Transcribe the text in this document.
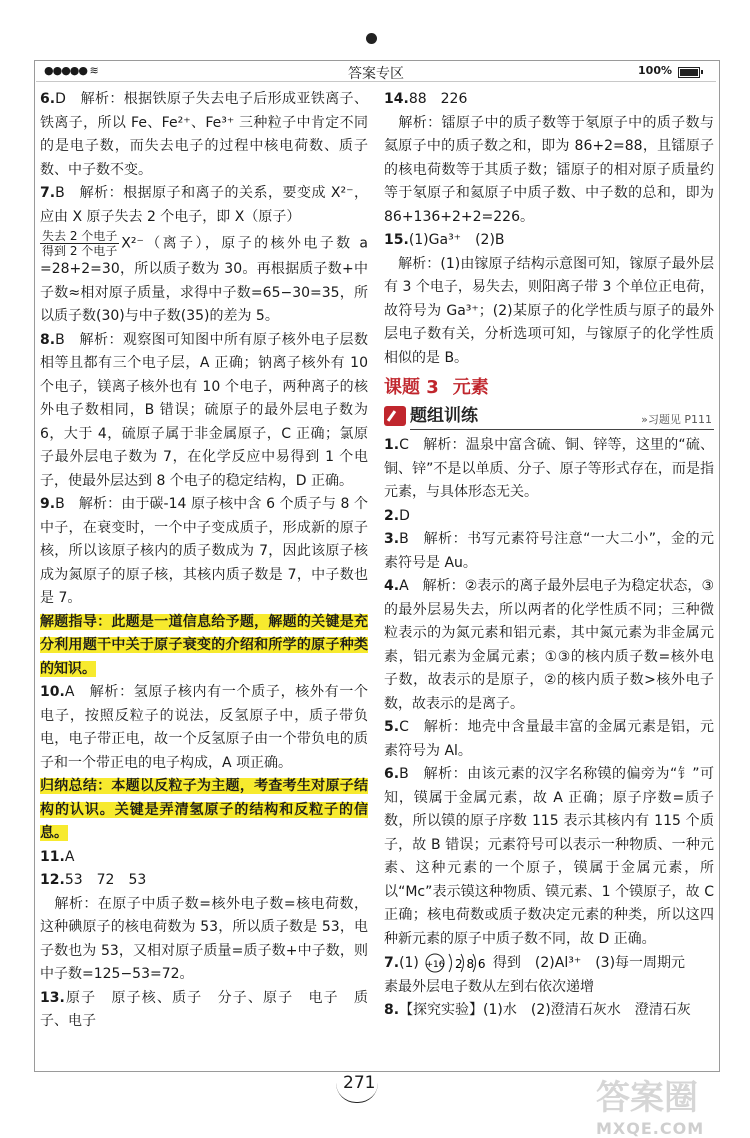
●●●●● ≋	答案专区	100%

6.D　解析：根据铁原子失去电子后形成亚铁离子、铁离子，所以 Fe、Fe²⁺、Fe³⁺ 三种粒子中肯定不同的是电子数，而失去电子的过程中核电荷数、质子数、中子数不变。

7.B　解析：根据原子和离子的关系，要变成 X²⁻，应由 X 原子失去 2 个电子，即 X（原子）

$\frac{\text{失去 2 个电子}}{\text{得到 2 个电子}} X^{2-}$（离子），原子的核外电子数 a =28+2=30，所以质子数为 30。再根据质子数+中子数≈相对原子质量，求得中子数=65−30=35，所以质子数(30)与中子数(35)的差为 5。

8.B　解析：观察图可知图中所有原子核外电子层数相等且都有三个电子层，A 正确；钠离子核外有 10 个电子，镁离子核外也有 10 个电子，两种离子的核外电子数相同，B 错误；硫原子的最外层电子数为 6，大于 4，硫原子属于非金属原子，C 正确；氯原子最外层电子数为 7，在化学反应中易得到 1 个电子，使最外层达到 8 个电子的稳定结构，D 正确。

9.B　解析：由于碳-14 原子核中含 6 个质子与 8 个中子，在衰变时，一个中子变成质子，形成新的原子核，所以该原子核内的质子数成为 7，因此该原子核成为氮原子的原子核，其核内质子数是 7，中子数也是 7。

解题指导：此题是一道信息给予题，解题的关键是充分利用题干中关于原子衰变的介绍和所学的原子种类的知识。

10.A　解析：氢原子核内有一个质子，核外有一个电子，按照反粒子的说法，反氢原子中，质子带负电，电子带正电，故一个反氢原子由一个带负电的质子和一个带正电的电子构成，A 项正确。

归纳总结：本题以反粒子为主题，考查考生对原子结构的认识。关键是弄清氢原子的结构和反粒子的信息。

11.A

12.53　72　53

　解析：在原子中质子数=核外电子数=核电荷数，这种碘原子的核电荷数为 53，所以质子数是 53，电子数也为 53，又相对原子质量=质子数+中子数，则中子数=125−53=72。

13.原子　原子核、质子　分子、原子　电子　质子、电子

14.88　226

　解析：镭原子中的质子数等于氡原子中的质子数与氦原子中的质子数之和，即为 86+2=88，且镭原子的核电荷数等于其质子数；镭原子的相对原子质量约等于氡原子和氦原子中质子数、中子数的总和，即为 86+136+2+2=226。

15.(1)Ga³⁺　(2)B

　解析：(1)由镓原子结构示意图可知，镓原子最外层有 3 个电子，易失去，则阳离子带 3 个单位正电荷，故符号为 Ga³⁺；(2)某原子的化学性质与原子的最外层电子数有关，分析选项可知，与镓原子的化学性质相似的是 B。

课题 3 元素
题组训练	»习题见 P111

1.C　解析：温泉中富含硫、铜、锌等，这里的“硫、铜、锌”不是以单质、分子、原子等形式存在，而是指元素，与具体形态无关。

2.D

3.B　解析：书写元素符号注意“一大二小”，金的元素符号是 Au。

4.A　解析：②表示的离子最外层电子为稳定状态，③的最外层易失去，所以两者的化学性质不同；三种微粒表示的为氮元素和铝元素，其中氮元素为非金属元素，铝元素为金属元素；①③的核内质子数=核外电子数，故表示的是原子，②的核内质子数>核外电子数，故表示的是离子。

5.C　解析：地壳中含量最丰富的金属元素是铝，元素符号为 Al。

6.B　解析：由该元素的汉字名称镆的偏旁为“钅”可知，镆属于金属元素，故 A 正确；原子序数=质子数，所以镆的原子序数 115 表示其核内有 115 个质子，故 B 错误；元素符号可以表示一种物质、一种元素、这种元素的一个原子，镆属于金属元素，所以“Mc”表示镆这种物质、镆元素、1 个镆原子，故 C 正确；核电荷数或质子数决定元素的种类，所以这四种新元素的原子中质子数不同，故 D 正确。

7.(1) +16 2 8 6 得到　(2)Al³⁺　(3)每一周期元

素最外层电子数从左到右依次递增

8.【探究实验】(1)水　(2)澄清石灰水　澄清石灰

271	答案圈
MXQE.COM
